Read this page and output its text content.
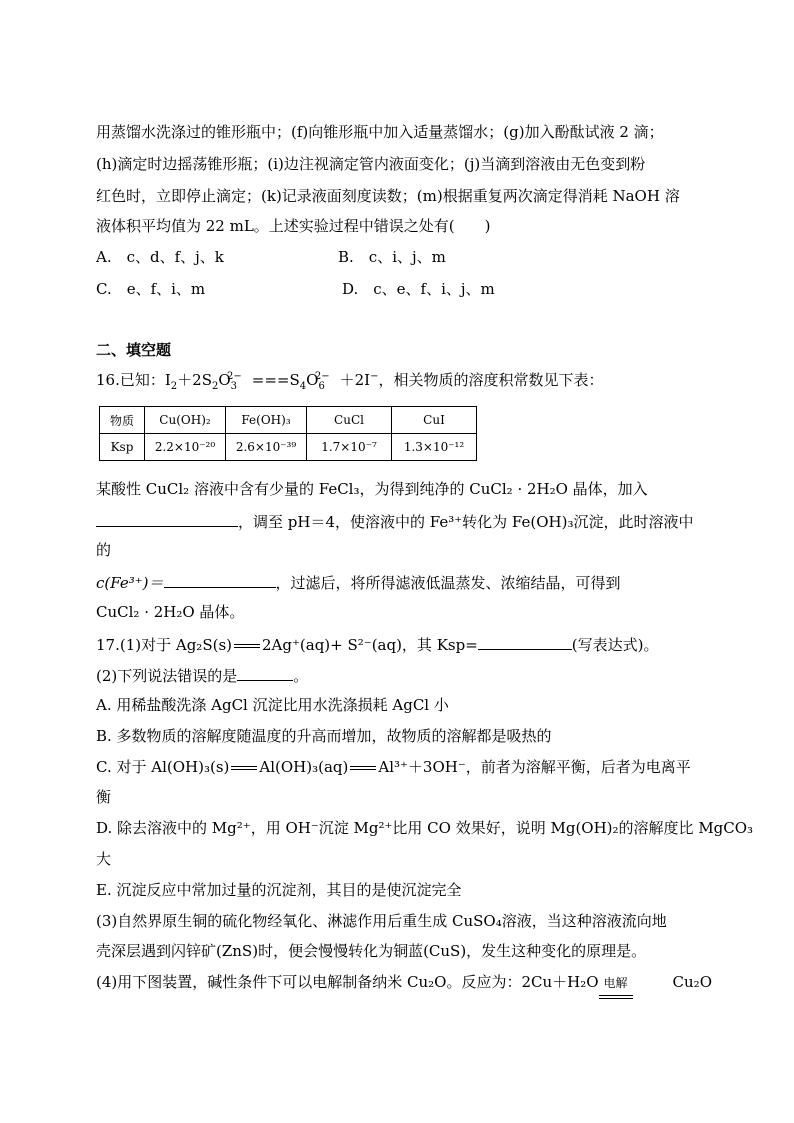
用蒸馏水洗涤过的锥形瓶中；(f)向锥形瓶中加入适量蒸馏水；(g)加入酚酞试液 2 滴；
(h)滴定时边摇荡锥形瓶；(i)边注视滴定管内液面变化；(j)当滴到溶液由无色变到粉
红色时，立即停止滴定；(k)记录液面刻度读数；(m)根据重复两次滴定得消耗 NaOH 溶
液体积平均值为 22 mL。上述实验过程中错误之处有(　　)
A.　c、d、f、j、k	B.　c、i、j、m
C.　e、f、i、m	D.　c、e、f、i、j、m
二、填空题
16.已知：$I_2+2S_2O_3^{2-} ===S_4O_6^{2-} +2I^-$，相关物质的溶度积常数见下表：
物质	Cu(OH)₂	Fe(OH)₃	CuCl	CuI
Ksp	2.2×10⁻²⁰	2.6×10⁻³⁹	1.7×10⁻⁷	1.3×10⁻¹²
某酸性 CuCl₂ 溶液中含有少量的 FeCl₃，为得到纯净的 CuCl₂ · 2H₂O 晶体，加入
，调至 pH＝4，使溶液中的 Fe³⁺转化为 Fe(OH)₃沉淀，此时溶液中
的
c(Fe³⁺)＝	，过滤后，将所得滤液低温蒸发、浓缩结晶，可得到
CuCl₂ · 2H₂O 晶体。
17.(1)对于 Ag₂S(s) 2Ag⁺(aq)+ S²⁻(aq)，其 Ksp=	(写表达式)。
(2)下列说法错误的是	。
A. 用稀盐酸洗涤 AgCl 沉淀比用水洗涤损耗 AgCl 小
B. 多数物质的溶解度随温度的升高而增加，故物质的溶解都是吸热的
C. 对于 Al(OH)₃(s) Al(OH)₃(aq) Al³⁺＋3OH⁻，前者为溶解平衡，后者为电离平
衡
D. 除去溶液中的 Mg²⁺，用 OH⁻沉淀 Mg²⁺比用 CO 效果好，说明 Mg(OH)₂的溶解度比 MgCO₃
大
E. 沉淀反应中常加过量的沉淀剂，其目的是使沉淀完全
(3)自然界原生铜的硫化物经氧化、淋滤作用后重生成 CuSO₄溶液，当这种溶液流向地
壳深层遇到闪锌矿(ZnS)时，便会慢慢转化为铜蓝(CuS)，发生这种变化的原理是。
(4)用下图装置，碱性条件下可以电解制备纳米 Cu₂O。反应为：2Cu＋H₂O 电解	Cu₂O
